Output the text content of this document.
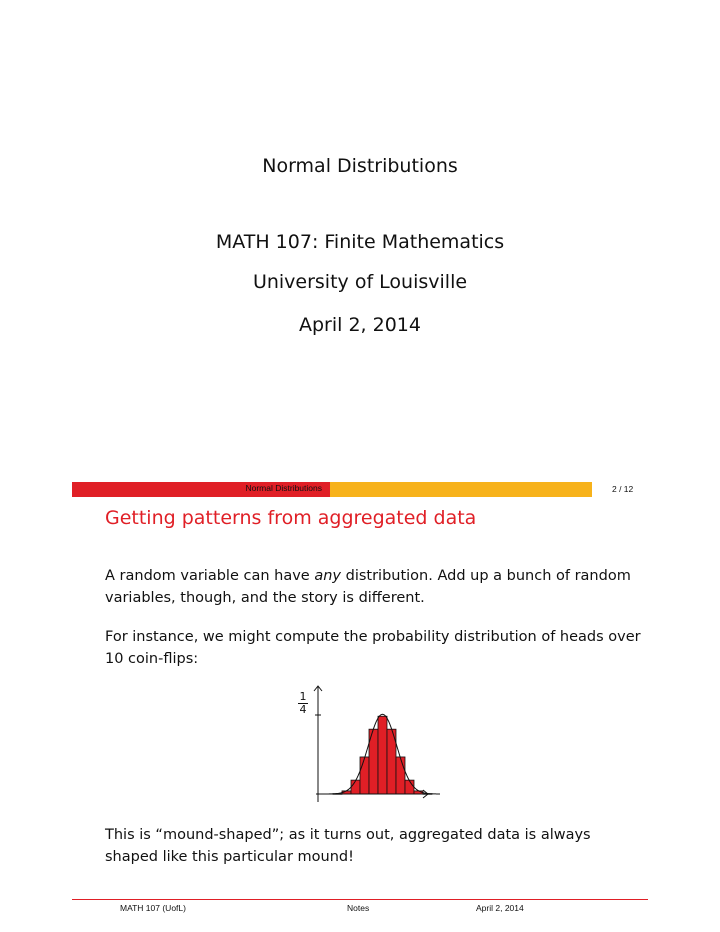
Normal Distributions
MATH 107: Finite Mathematics
University of Louisville
April 2, 2014
Normal Distributions	2 / 12
Getting patterns from aggregated data
A random variable can have any distribution. Add up a bunch of random variables, though, and the story is different.
For instance, we might compute the probability distribution of heads over 10 coin-flips:
1
4
This is “mound-shaped”; as it turns out, aggregated data is always shaped like this particular mound!
MATH 107 (UofL)	Notes	April 2, 2014
